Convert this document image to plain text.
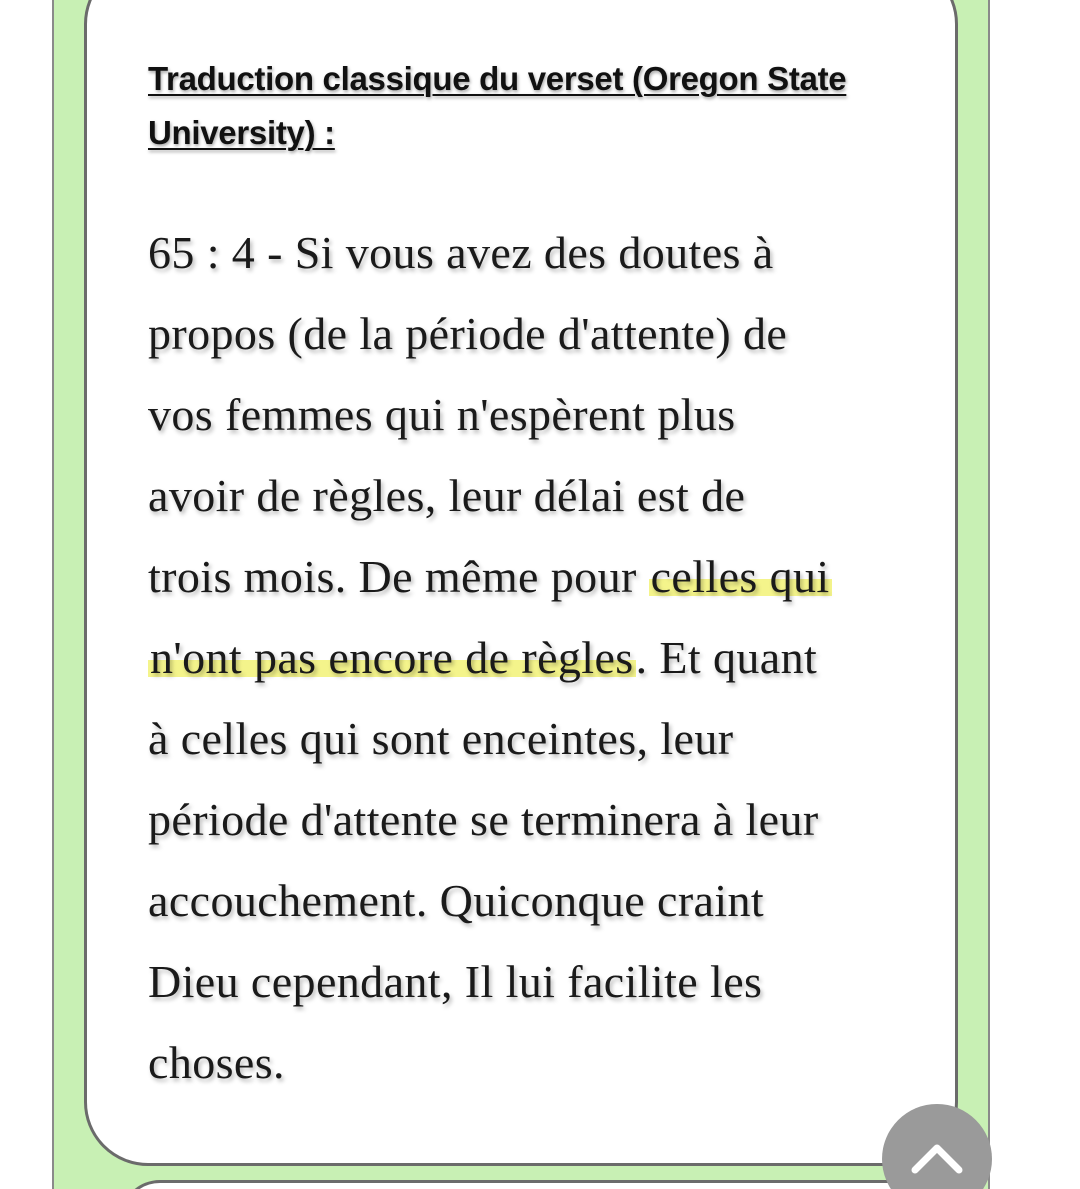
Traduction classique du verset (Oregon State University) :

65 : 4 - Si vous avez des doutes à
propos (de la période d'attente) de
vos femmes qui n'espèrent plus
avoir de règles, leur délai est de
trois mois. De même pour celles qui
n'ont pas encore de règles. Et quant
à celles qui sont enceintes, leur
période d'attente se terminera à leur
accouchement. Quiconque craint
Dieu cependant, Il lui facilite les
choses.
